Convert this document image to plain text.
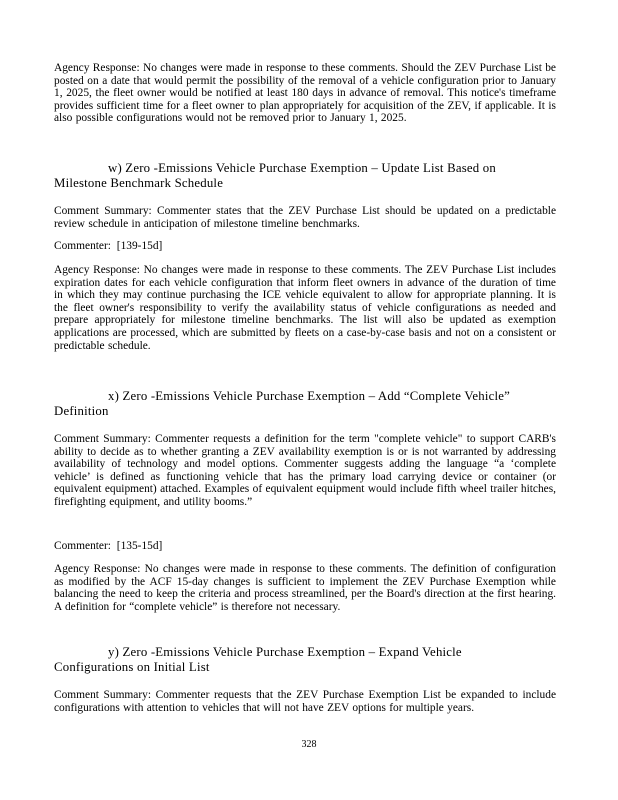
Agency Response: No changes were made in response to these comments. Should the ZEV Purchase List be posted on a date that would permit the possibility of the removal of a vehicle configuration prior to January 1, 2025, the fleet owner would be notified at least 180 days in advance of removal. This notice's timeframe provides sufficient time for a fleet owner to plan appropriately for acquisition of the ZEV, if applicable. It is also possible configurations would not be removed prior to January 1, 2025.
w) Zero -Emissions Vehicle Purchase Exemption – Update List Based on
Milestone Benchmark Schedule
Comment Summary: Commenter states that the ZEV Purchase List should be updated on a predictable review schedule in anticipation of milestone timeline benchmarks.
Commenter: [139-15d]
Agency Response: No changes were made in response to these comments. The ZEV Purchase List includes expiration dates for each vehicle configuration that inform fleet owners in advance of the duration of time in which they may continue purchasing the ICE vehicle equivalent to allow for appropriate planning. It is the fleet owner's responsibility to verify the availability status of vehicle configurations as needed and prepare appropriately for milestone timeline benchmarks. The list will also be updated as exemption applications are processed, which are submitted by fleets on a case-by-case basis and not on a consistent or predictable schedule.
x) Zero -Emissions Vehicle Purchase Exemption – Add “Complete Vehicle”
Definition
Comment Summary: Commenter requests a definition for the term "complete vehicle" to support CARB's ability to decide as to whether granting a ZEV availability exemption is or is not warranted by addressing availability of technology and model options. Commenter suggests adding the language “a ‘complete vehicle’ is defined as functioning vehicle that has the primary load carrying device or container (or equivalent equipment) attached. Examples of equivalent equipment would include fifth wheel trailer hitches, firefighting equipment, and utility booms.”
Commenter: [135-15d]
Agency Response: No changes were made in response to these comments. The definition of configuration as modified by the ACF 15-day changes is sufficient to implement the ZEV Purchase Exemption while balancing the need to keep the criteria and process streamlined, per the Board's direction at the first hearing. A definition for “complete vehicle” is therefore not necessary.
y) Zero -Emissions Vehicle Purchase Exemption – Expand Vehicle
Configurations on Initial List
Comment Summary: Commenter requests that the ZEV Purchase Exemption List be expanded to include configurations with attention to vehicles that will not have ZEV options for multiple years.
328
